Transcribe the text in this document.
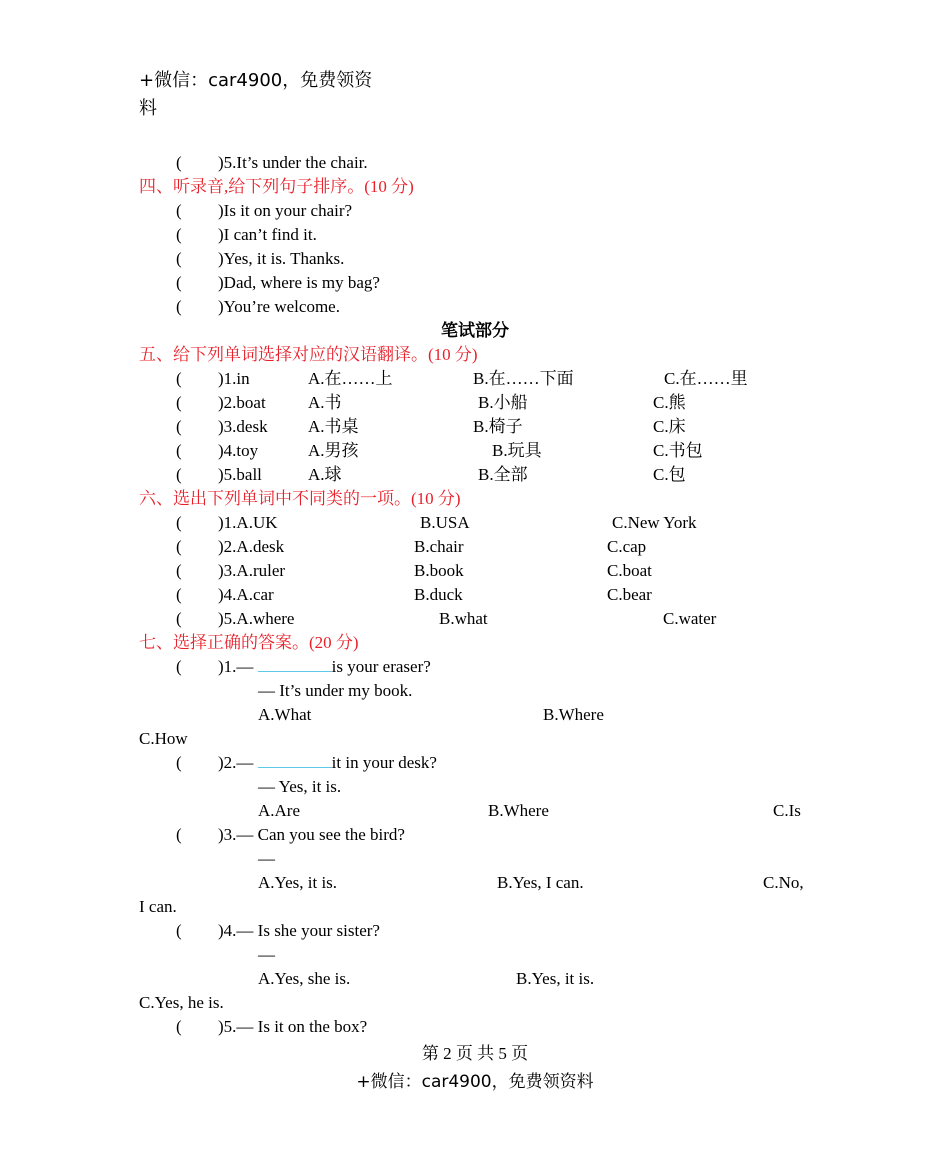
+微信：car4900，免费领资
料
( )5.It’s under the chair.
四、听录音,给下列句子排序。(10 分)
( )Is it on your chair?
( )I can’t find it.
( )Yes, it is. Thanks.
( )Dad, where is my bag?
( )You’re welcome.
笔试部分
五、给下列单词选择对应的汉语翻译。(10 分)
( )1.in	A.在……上	B.在……下面	C.在……里
( )2.boat A.书	B.小船	C.熊
( )3.desk A.书桌	B.椅子	C.床
( )4.toy	A.男孩	B.玩具	C.书包
( )5.ball	A.球	B.全部	C.包
六、选出下列单词中不同类的一项。(10 分)
( )1.A.UK	B.USA	C.New York
( )2.A.desk	B.chair	C.cap
( )3.A.ruler	B.book	C.boat
( )4.A.car	B.duck	C.bear
( )5.A.where	B.what	C.water
七、选择正确的答案。(20 分)
( )1.—	is your eraser?
— It’s under my book.
A.What	B.Where
C.How
( )2.—	it in your desk?
— Yes, it is.
A.Are	B.Where	C.Is
( )3.— Can you see the bird?
—
A.Yes, it is.	B.Yes, I can.	C.No,
I can.
( )4.— Is she your sister?
—
A.Yes, she is.	B.Yes, it is.
C.Yes, he is.
( )5.— Is it on the box?
第 2 页 共 5 页
+微信：car4900，免费领资料
